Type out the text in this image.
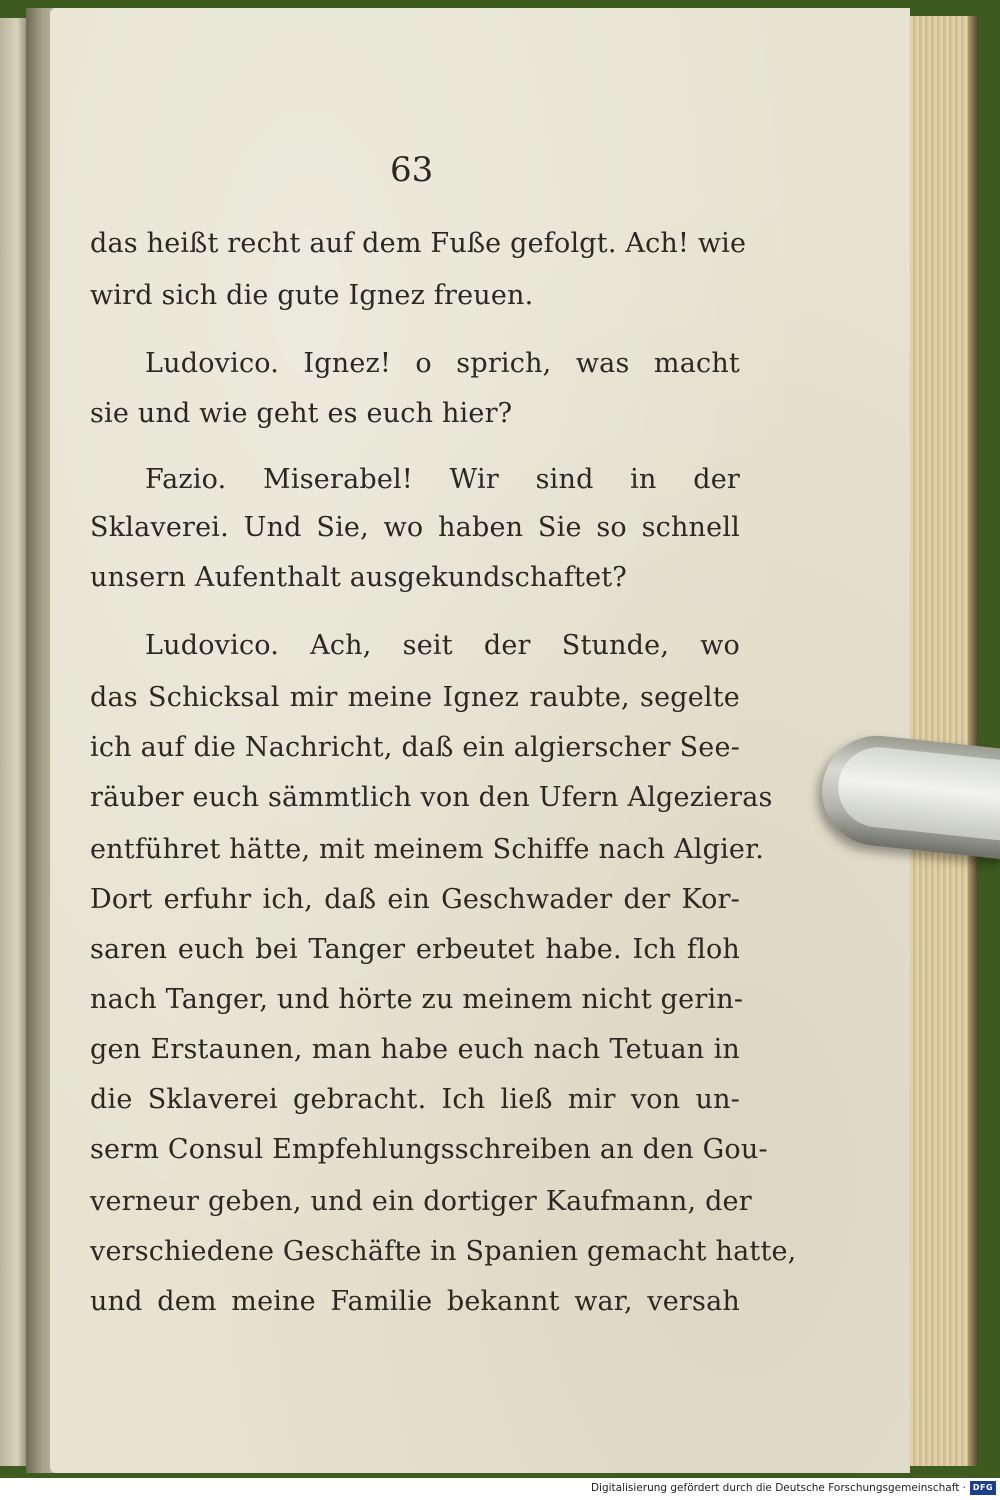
63
das heißt recht auf dem Fuße gefolgt. Ach! wie
wird sich die gute Ignez freuen.
Ludovico. Ignez! o sprich, was macht
sie und wie geht es euch hier?
Fazio. Miserabel! Wir sind in der
Sklaverei. Und Sie, wo haben Sie so schnell
unsern Aufenthalt ausgekundschaftet?
Ludovico. Ach, seit der Stunde, wo
das Schicksal mir meine Ignez raubte, segelte
ich auf die Nachricht, daß ein algierscher See-
räuber euch sämmtlich von den Ufern Algezieras
entführet hätte, mit meinem Schiffe nach Algier.
Dort erfuhr ich, daß ein Geschwader der Kor-
saren euch bei Tanger erbeutet habe. Ich floh
nach Tanger, und hörte zu meinem nicht gerin-
gen Erstaunen, man habe euch nach Tetuan in
die Sklaverei gebracht. Ich ließ mir von un-
serm Consul Empfehlungsschreiben an den Gou-
verneur geben, und ein dortiger Kaufmann, der
verschiedene Geschäfte in Spanien gemacht hatte,
und dem meine Familie bekannt war, versah
Digitalisierung gefördert durch die Deutsche Forschungsgemeinschaft · DFG
